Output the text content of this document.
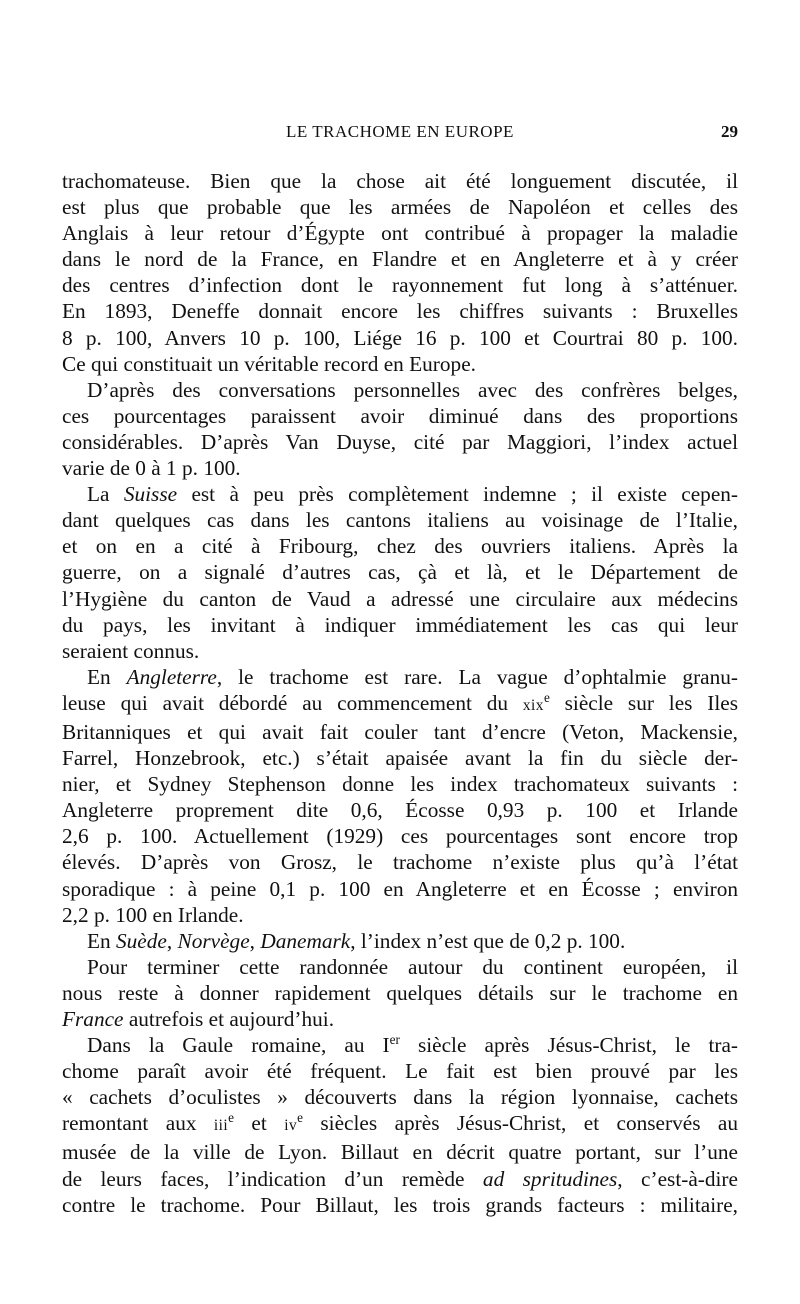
LE TRACHOME EN EUROPE	29

trachomateuse. Bien que la chose ait été longuement discutée, il

est plus que probable que les armées de Napoléon et celles des

Anglais à leur retour d’Égypte ont contribué à propager la maladie

dans le nord de la France, en Flandre et en Angleterre et à y créer

des centres d’infection dont le rayonnement fut long à s’atténuer.

En 1893, Deneffe donnait encore les chiffres suivants : Bruxelles

8 p. 100, Anvers 10 p. 100, Liége 16 p. 100 et Courtrai 80 p. 100.

Ce qui constituait un véritable record en Europe.

D’après des conversations personnelles avec des confrères belges,

ces pourcentages paraissent avoir diminué dans des proportions

considérables. D’après Van Duyse, cité par Maggiori, l’index actuel

varie de 0 à 1 p. 100.

La Suisse est à peu près complètement indemne ; il existe cepen-

dant quelques cas dans les cantons italiens au voisinage de l’Italie,

et on en a cité à Fribourg, chez des ouvriers italiens. Après la

guerre, on a signalé d’autres cas, çà et là, et le Département de

l’Hygiène du canton de Vaud a adressé une circulaire aux médecins

du pays, les invitant à indiquer immédiatement les cas qui leur

seraient connus.

En Angleterre, le trachome est rare. La vague d’ophtalmie granu-

leuse qui avait débordé au commencement du xix$^e$ siècle sur les Iles

Britanniques et qui avait fait couler tant d’encre (Veton, Mackensie,

Farrel, Honzebrook, etc.) s’était apaisée avant la fin du siècle der-

nier, et Sydney Stephenson donne les index trachomateux suivants :

Angleterre proprement dite 0,6, Écosse 0,93 p. 100 et Irlande

2,6 p. 100. Actuellement (1929) ces pourcentages sont encore trop

élevés. D’après von Grosz, le trachome n’existe plus qu’à l’état

sporadique : à peine 0,1 p. 100 en Angleterre et en Écosse ; environ

2,2 p. 100 en Irlande.

En Suède, Norvège, Danemark, l’index n’est que de 0,2 p. 100.

Pour terminer cette randonnée autour du continent européen, il

nous reste à donner rapidement quelques détails sur le trachome en

France autrefois et aujourd’hui.

Dans la Gaule romaine, au Ier siècle après Jésus-Christ, le tra-

chome paraît avoir été fréquent. Le fait est bien prouvé par les

« cachets d’oculistes » découverts dans la région lyonnaise, cachets

remontant aux iii$^e$ et $iv^e$ siècles après Jésus-Christ, et conservés au

musée de la ville de Lyon. Billaut en décrit quatre portant, sur l’une

de leurs faces, l’indication d’un remède ad spritudines, c’est-à-dire

contre le trachome. Pour Billaut, les trois grands facteurs : militaire,
